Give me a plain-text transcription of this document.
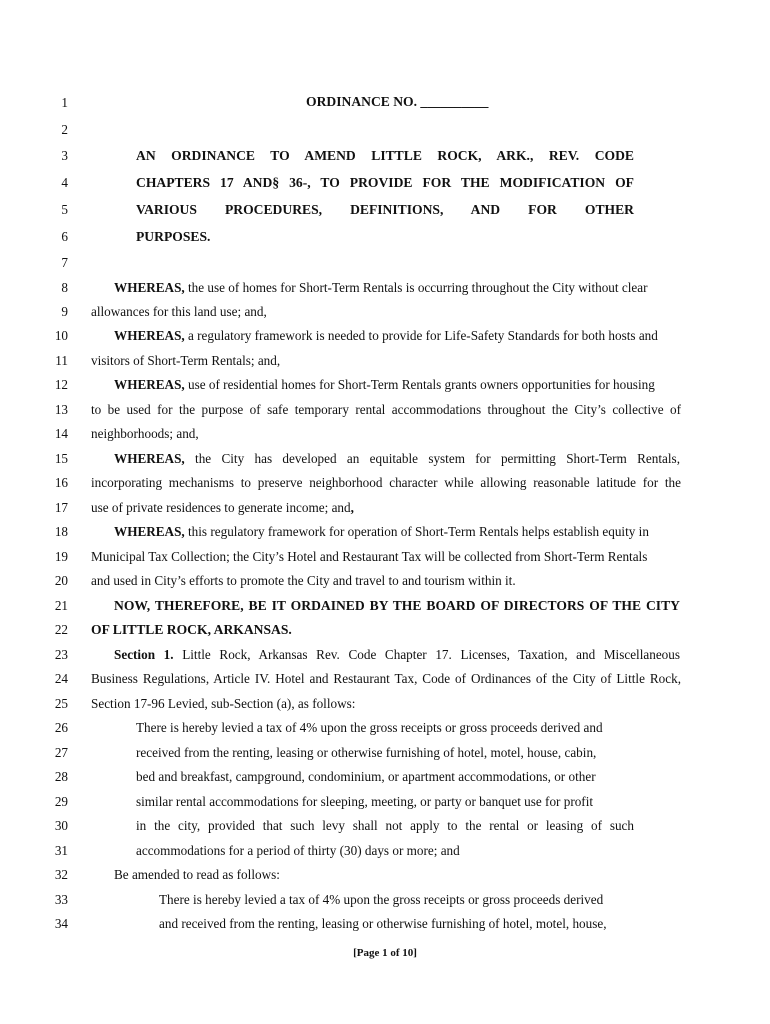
1
2
3
4
5
6
7
8
9
10
11
12
13
14
15
16
17
18
19
20
21
22
23
24
25
26
27
28
29
30
31
32
33
34
ORDINANCE NO. __________
AN ORDINANCE TO AMEND LITTLE ROCK, ARK., REV. CODE
CHAPTERS 17 AND§ 36-, TO PROVIDE FOR THE MODIFICATION OF
VARIOUS PROCEDURES, DEFINITIONS, AND FOR OTHER
PURPOSES.
WHEREAS, the use of homes for Short-Term Rentals is occurring throughout the City without clear
allowances for this land use; and,
WHEREAS, a regulatory framework is needed to provide for Life-Safety Standards for both hosts and
visitors of Short-Term Rentals; and,
WHEREAS, use of residential homes for Short-Term Rentals grants owners opportunities for housing
to be used for the purpose of safe temporary rental accommodations throughout the City’s collective of
neighborhoods; and,
WHEREAS, the City has developed an equitable system for permitting Short-Term Rentals,
incorporating mechanisms to preserve neighborhood character while allowing reasonable latitude for the
use of private residences to generate income; and,
WHEREAS, this regulatory framework for operation of Short-Term Rentals helps establish equity in
Municipal Tax Collection; the City’s Hotel and Restaurant Tax will be collected from Short-Term Rentals
and used in City’s efforts to promote the City and travel to and tourism within it.
NOW, THEREFORE, BE IT ORDAINED BY THE BOARD OF DIRECTORS OF THE CITY
OF LITTLE ROCK, ARKANSAS.
Section 1. Little Rock, Arkansas Rev. Code Chapter 17. Licenses, Taxation, and Miscellaneous
Business Regulations, Article IV. Hotel and Restaurant Tax, Code of Ordinances of the City of Little Rock,
Section 17-96 Levied, sub-Section (a), as follows:
There is hereby levied a tax of 4% upon the gross receipts or gross proceeds derived and
received from the renting, leasing or otherwise furnishing of hotel, motel, house, cabin,
bed and breakfast, campground, condominium, or apartment accommodations, or other
similar rental accommodations for sleeping, meeting, or party or banquet use for profit
in the city, provided that such levy shall not apply to the rental or leasing of such
accommodations for a period of thirty (30) days or more; and
Be amended to read as follows:
There is hereby levied a tax of 4% upon the gross receipts or gross proceeds derived
and received from the renting, leasing or otherwise furnishing of hotel, motel, house,
[Page 1 of 10]
